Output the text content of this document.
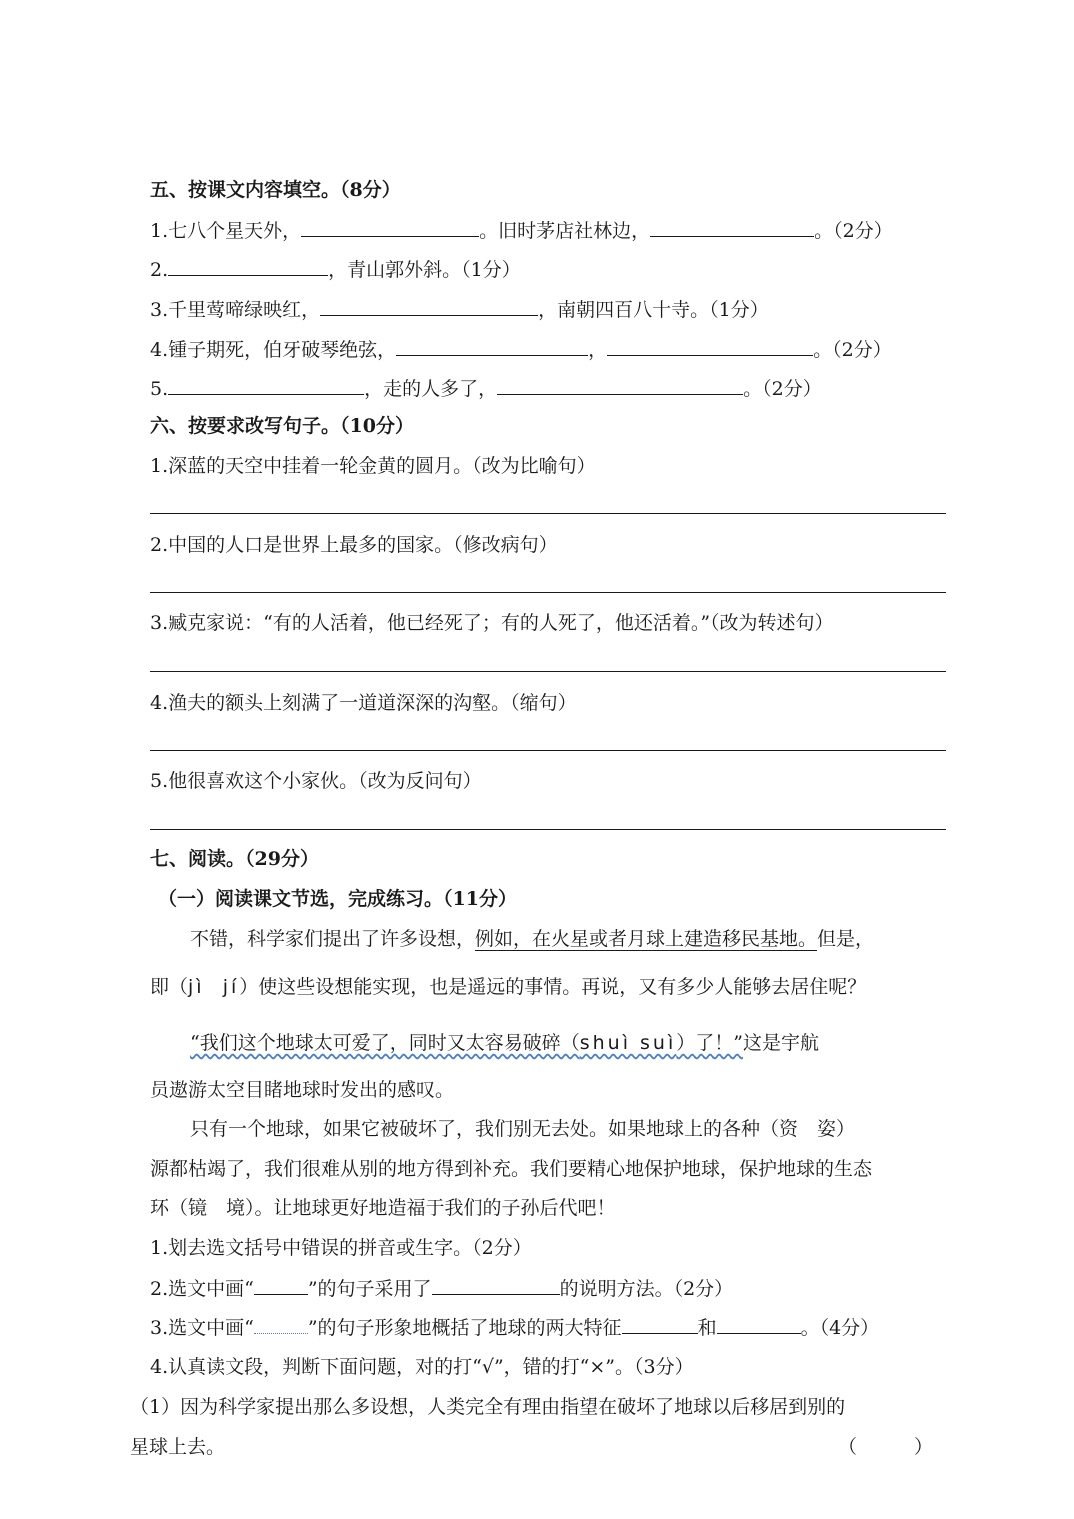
五、按课文内容填空。（8分）
1.七八个星天外，	。旧时茅店社林边，	。（2分）
2.	，青山郭外斜。（1分）
3.千里莺啼绿映红，	，南朝四百八十寺。（1分）
4.锺子期死，伯牙破琴绝弦，	，	。（2分）
5.	，走的人多了，	。（2分）
六、按要求改写句子。（10分）
1.深蓝的天空中挂着一轮金黄的圆月。（改为比喻句）
2.中国的人口是世界上最多的国家。（修改病句）
3.臧克家说：“有的人活着，他已经死了；有的人死了，他还活着。”（改为转述句）
4.渔夫的额头上刻满了一道道深深的沟壑。（缩句）
5.他很喜欢这个小家伙。（改为反问句）
七、阅读。（29分）
（一）阅读课文节选，完成练习。（11分）
不错，科学家们提出了许多设想，例如，在火星或者月球上建造移民基地。但是，
即（jì jí）使这些设想能实现，也是遥远的事情。再说，又有多少人能够去居住呢？
“我们这个地球太可爱了，同时又太容易破碎（shuì suì）了！”这是宇航
员遨游太空目睹地球时发出的感叹。
只有一个地球，如果它被破坏了，我们别无去处。如果地球上的各种（资　姿）
源都枯竭了，我们很难从别的地方得到补充。我们要精心地保护地球，保护地球的生态
环（镜　境）。让地球更好地造福于我们的子孙后代吧！
1.划去选文括号中错误的拼音或生字。（2分）
2.选文中画“	”的句子采用了	的说明方法。（2分）
3.选文中画“	”的句子形象地概括了地球的两大特征	和	。（4分）
4.认真读文段，判断下面问题，对的打“√”，错的打“×”。（3分）
（1）因为科学家提出那么多设想，人类完全有理由指望在破坏了地球以后移居到别的
星球上去。	（　　　）
